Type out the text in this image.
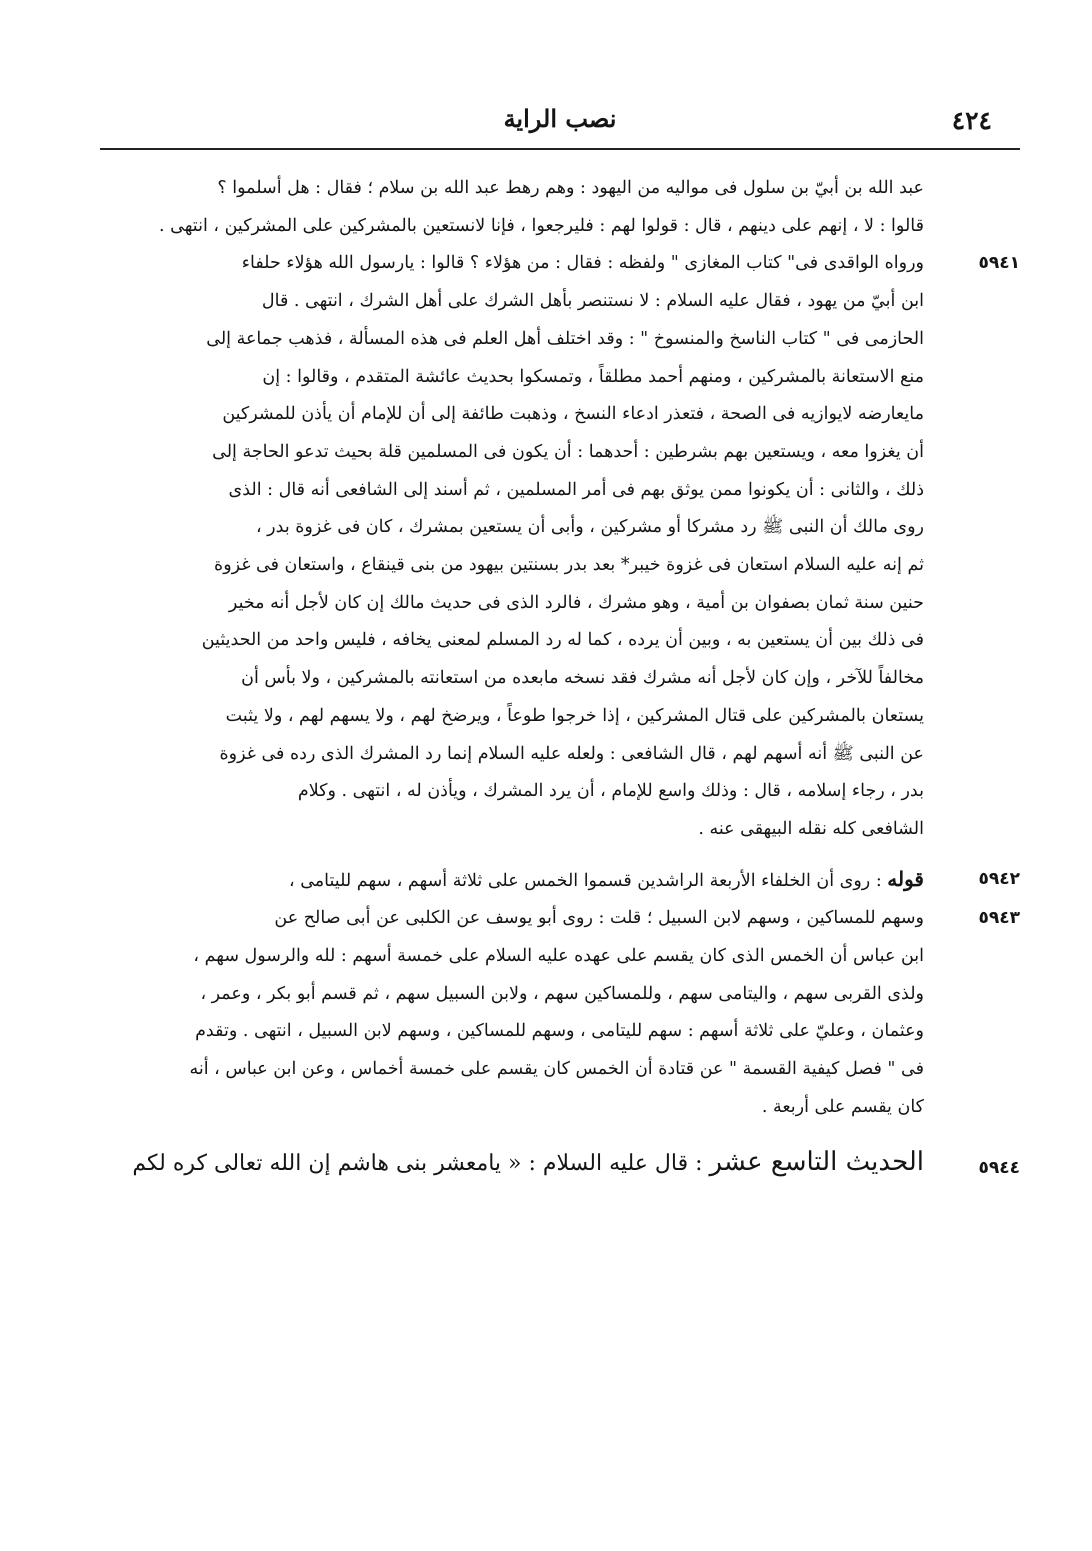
٤٢٤
نصب الراية
عبد الله بن أبيّ بن سلول فى مواليه من اليهود : وهم رهط عبد الله بن سلام ؛ فقال : هل أسلموا ؟
قالوا : لا ، إنهم على دينهم ، قال : قولوا لهم : فليرجعوا ، فإنا لانستعين بالمشركين على المشركين ، انتهى .
٥٩٤١
ورواه الواقدى فى" كتاب المغازى " ولفظه : فقال : من هؤلاء ؟ قالوا : يارسول الله هؤلاء حلفاء
ابن أبيّ من يهود ، فقال عليه السلام : لا نستنصر بأهل الشرك على أهل الشرك ، انتهى . قال
الحازمى فى " كتاب الناسخ والمنسوخ " : وقد اختلف أهل العلم فى هذه المسألة ، فذهب جماعة إلى
منع الاستعانة بالمشركين ، ومنهم أحمد مطلقاً ، وتمسكوا بحديث عائشة المتقدم ، وقالوا : إن
مايعارضه لايوازيه فى الصحة ، فتعذر ادعاء النسخ ، وذهبت طائفة إلى أن للإمام أن يأذن للمشركين
أن يغزوا معه ، ويستعين بهم بشرطين : أحدهما : أن يكون فى المسلمين قلة بحيث تدعو الحاجة إلى
ذلك ، والثانى : أن يكونوا ممن يوثق بهم فى أمر المسلمين ، ثم أسند إلى الشافعى أنه قال : الذى
روى مالك أن النبى ﷺ رد مشركا أو مشركين ، وأبى أن يستعين بمشرك ، كان فى غزوة بدر ،
ثم إنه عليه السلام استعان فى غزوة خيبر* بعد بدر بسنتين بيهود من بنى قينقاع ، واستعان فى غزوة
حنين سنة ثمان بصفوان بن أمية ، وهو مشرك ، فالرد الذى فى حديث مالك إن كان لأجل أنه مخير
فى ذلك بين أن يستعين به ، وبين أن يرده ، كما له رد المسلم لمعنى يخافه ، فليس واحد من الحديثين
مخالفاً للآخر ، وإن كان لأجل أنه مشرك فقد نسخه مابعده من استعانته بالمشركين ، ولا بأس أن
يستعان بالمشركين على قتال المشركين ، إذا خرجوا طوعاً ، ويرضخ لهم ، ولا يسهم لهم ، ولا يثبت
عن النبى ﷺ أنه أسهم لهم ، قال الشافعى : ولعله عليه السلام إنما رد المشرك الذى رده فى غزوة
بدر ، رجاء إسلامه ، قال : وذلك واسع للإمام ، أن يرد المشرك ، ويأذن له ، انتهى . وكلام
الشافعى كله نقله البيهقى عنه .
٥٩٤٢
قوله : روى أن الخلفاء الأربعة الراشدين قسموا الخمس على ثلاثة أسهم ، سهم لليتامى ،
٥٩٤٣
وسهم للمساكين ، وسهم لابن السبيل ؛ قلت : روى أبو يوسف عن الكلبى عن أبى صالح عن
ابن عباس أن الخمس الذى كان يقسم على عهده عليه السلام على خمسة أسهم : لله والرسول سهم ،
ولذى القربى سهم ، واليتامى سهم ، وللمساكين سهم ، ولابن السبيل سهم ، ثم قسم أبو بكر ، وعمر ،
وعثمان ، وعليّ على ثلاثة أسهم : سهم لليتامى ، وسهم للمساكين ، وسهم لابن السبيل ، انتهى . وتقدم
فى " فصل كيفية القسمة " عن قتادة أن الخمس كان يقسم على خمسة أخماس ، وعن ابن عباس ، أنه
كان يقسم على أربعة .
٥٩٤٤
الحديث التاسع عشر : قال عليه السلام : « يامعشر بنى هاشم إن الله تعالى كره لكم
